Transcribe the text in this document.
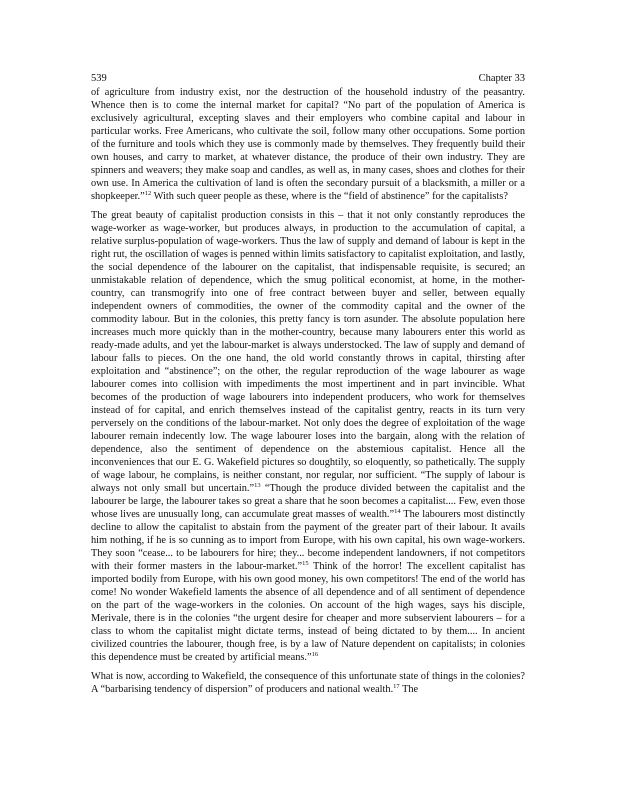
539	Chapter 33

of agriculture from industry exist, nor the destruction of the household industry of the peasantry. Whence then is to come the internal market for capital? “No part of the population of America is exclusively agricultural, excepting slaves and their employers who combine capital and labour in particular works. Free Americans, who cultivate the soil, follow many other occupations. Some portion of the furniture and tools which they use is commonly made by themselves. They frequently build their own houses, and carry to market, at whatever distance, the produce of their own industry. They are spinners and weavers; they make soap and candles, as well as, in many cases, shoes and clothes for their own use. In America the cultivation of land is often the secondary pursuit of a blacksmith, a miller or a shopkeeper.”$^{12}$ With such queer people as these, where is the “field of abstinence” for the capitalists?

The great beauty of capitalist production consists in this – that it not only constantly reproduces the wage-worker as wage-worker, but produces always, in production to the accumulation of capital, a relative surplus-population of wage-workers. Thus the law of supply and demand of labour is kept in the right rut, the oscillation of wages is penned within limits satisfactory to capitalist exploitation, and lastly, the social dependence of the labourer on the capitalist, that indispensable requisite, is secured; an unmistakable relation of dependence, which the smug political economist, at home, in the mother-country, can transmogrify into one of free contract between buyer and seller, between equally independent owners of commodities, the owner of the commodity capital and the owner of the commodity labour. But in the colonies, this pretty fancy is torn asunder. The absolute population here increases much more quickly than in the mother-country, because many labourers enter this world as ready-made adults, and yet the labour-market is always understocked. The law of supply and demand of labour falls to pieces. On the one hand, the old world constantly throws in capital, thirsting after exploitation and “abstinence”; on the other, the regular reproduction of the wage labourer as wage labourer comes into collision with impediments the most impertinent and in part invincible. What becomes of the production of wage labourers into independent producers, who work for themselves instead of for capital, and enrich themselves instead of the capitalist gentry, reacts in its turn very perversely on the conditions of the labour-market. Not only does the degree of exploitation of the wage labourer remain indecently low. The wage labourer loses into the bargain, along with the relation of dependence, also the sentiment of dependence on the abstemious capitalist. Hence all the inconveniences that our E. G. Wakefield pictures so doughtily, so eloquently, so pathetically. The supply of wage labour, he complains, is neither constant, nor regular, nor sufficient. “The supply of labour is always not only small but uncertain.”$^{13}$ “Though the produce divided between the capitalist and the labourer be large, the labourer takes so great a share that he soon becomes a capitalist.... Few, even those whose lives are unusually long, can accumulate great masses of wealth.”$^{14}$ The labourers most distinctly decline to allow the capitalist to abstain from the payment of the greater part of their labour. It avails him nothing, if he is so cunning as to import from Europe, with his own capital, his own wage-workers. They soon “cease... to be labourers for hire; they... become independent landowners, if not competitors with their former masters in the labour-market.”$^{15}$ Think of the horror! The excellent capitalist has imported bodily from Europe, with his own good money, his own competitors! The end of the world has come! No wonder Wakefield laments the absence of all dependence and of all sentiment of dependence on the part of the wage-workers in the colonies. On account of the high wages, says his disciple, Merivale, there is in the colonies “the urgent desire for cheaper and more subservient labourers – for a class to whom the capitalist might dictate terms, instead of being dictated to by them.... In ancient civilized countries the labourer, though free, is by a law of Nature dependent on capitalists; in colonies this dependence must be created by artificial means.”$^{16}$

What is now, according to Wakefield, the consequence of this unfortunate state of things in the colonies? A “barbarising tendency of dispersion” of producers and national wealth.$^{17}$ The
